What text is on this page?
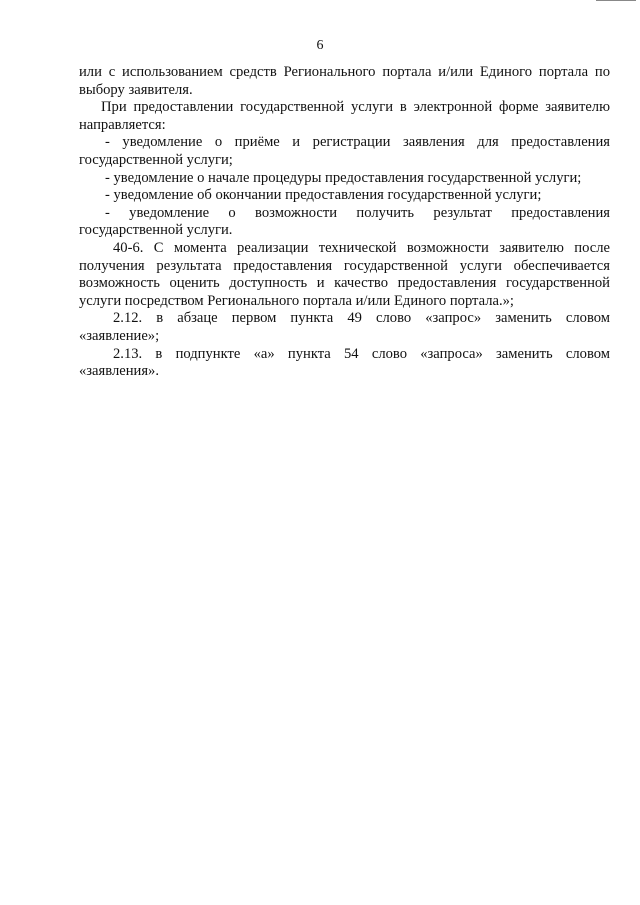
6
или с использованием средств Регионального портала и/или Единого портала по
выбору заявителя.
При предоставлении государственной услуги в электронной форме заявителю
направляется:
- уведомление о приёме и регистрации заявления для предоставления
государственной услуги;
- уведомление о начале процедуры предоставления государственной услуги;
- уведомление об окончании предоставления государственной услуги;
- уведомление о возможности получить результат предоставления
государственной услуги.
40-6. С момента реализации технической возможности заявителю после
получения результата предоставления государственной услуги обеспечивается
возможность оценить доступность и качество предоставления государственной
услуги посредством Регионального портала и/или Единого портала.»;
2.12. в абзаце первом пункта 49 слово «запрос» заменить словом
«заявление»;
2.13. в подпункте «а» пункта 54 слово «запроса» заменить словом
«заявления».
